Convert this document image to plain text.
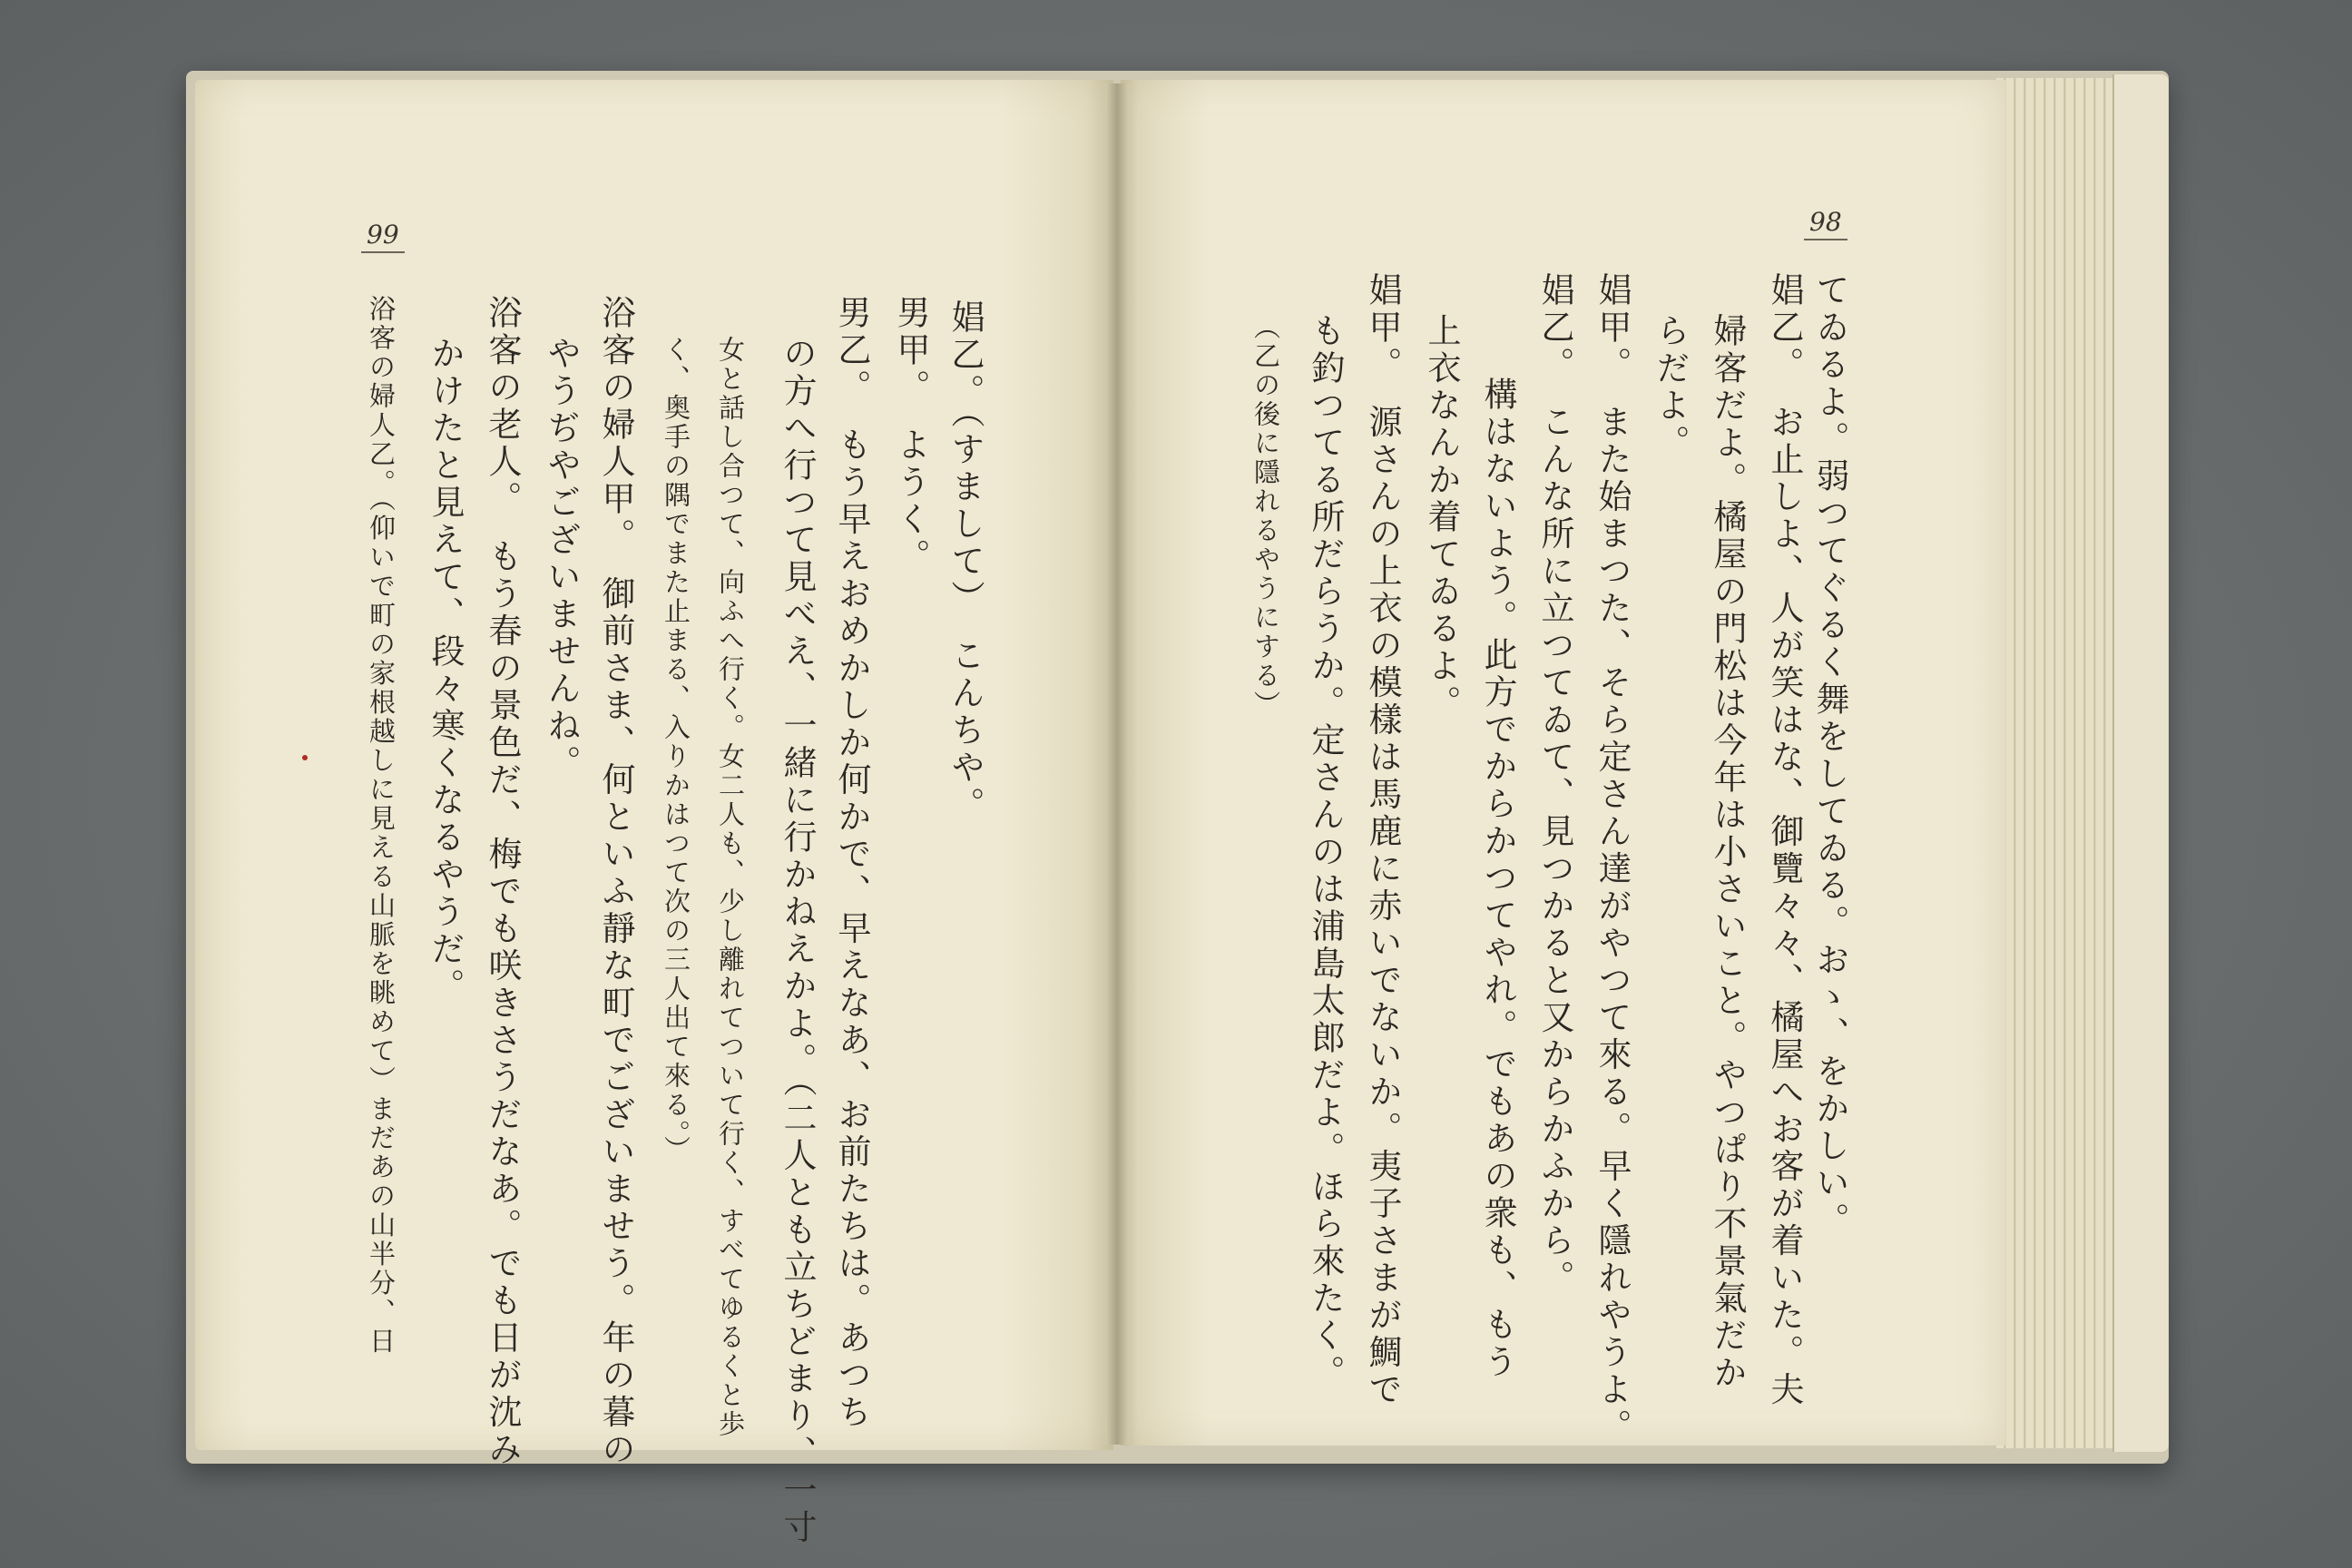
99	98
てゐるよ。弱つてぐるく舞をしてゐる。おゝ、をかしい。
娼乙。　お止しよ、人が笑はな、御覽々々、橘屋へお客が着いた。夫
婦客だよ。橘屋の門松は今年は小さいこと。やつぱり不景氣だか
らだよ。
娼甲。　また始まつた、そら定さん達がやつて來る。早く隱れやうよ。
娼乙。　こんな所に立つてゐて、見つかると又からかふから。
構はないよう。此方でからかつてやれ。でもあの衆も、もう
上衣なんか着てゐるよ。
娼甲。　源さんの上衣の模樣は馬鹿に赤いでないか。夷子さまが鯛で
も釣つてる所だらうか。定さんのは浦島太郎だよ。ほら來たく。
（乙の後に隱れるやうにする）
娼乙。（すまして）　こんちや。
男甲。　ようく。
男乙。　もう早えおめかしか何かで、早えなあ、お前たちは。あつち
の方へ行つて見べえ、一緒に行かねえかよ。（二人とも立ちどまり、一寸
女と話し合つて、向ふへ行く。女二人も、少し離れてついて行く、すべてゆるくと歩
く、奥手の隅でまた止まる、入りかはつて次の三人出て來る。）
浴客の婦人甲。　御前さま、何といふ靜な町でございませう。年の暮の
やうぢやございませんね。
浴客の老人。　もう春の景色だ、梅でも咲きさうだなあ。でも日が沈み
かけたと見えて、段々寒くなるやうだ。
浴客の婦人乙。（仰いで町の家根越しに見える山脈を眺めて）まだあの山半分、日
